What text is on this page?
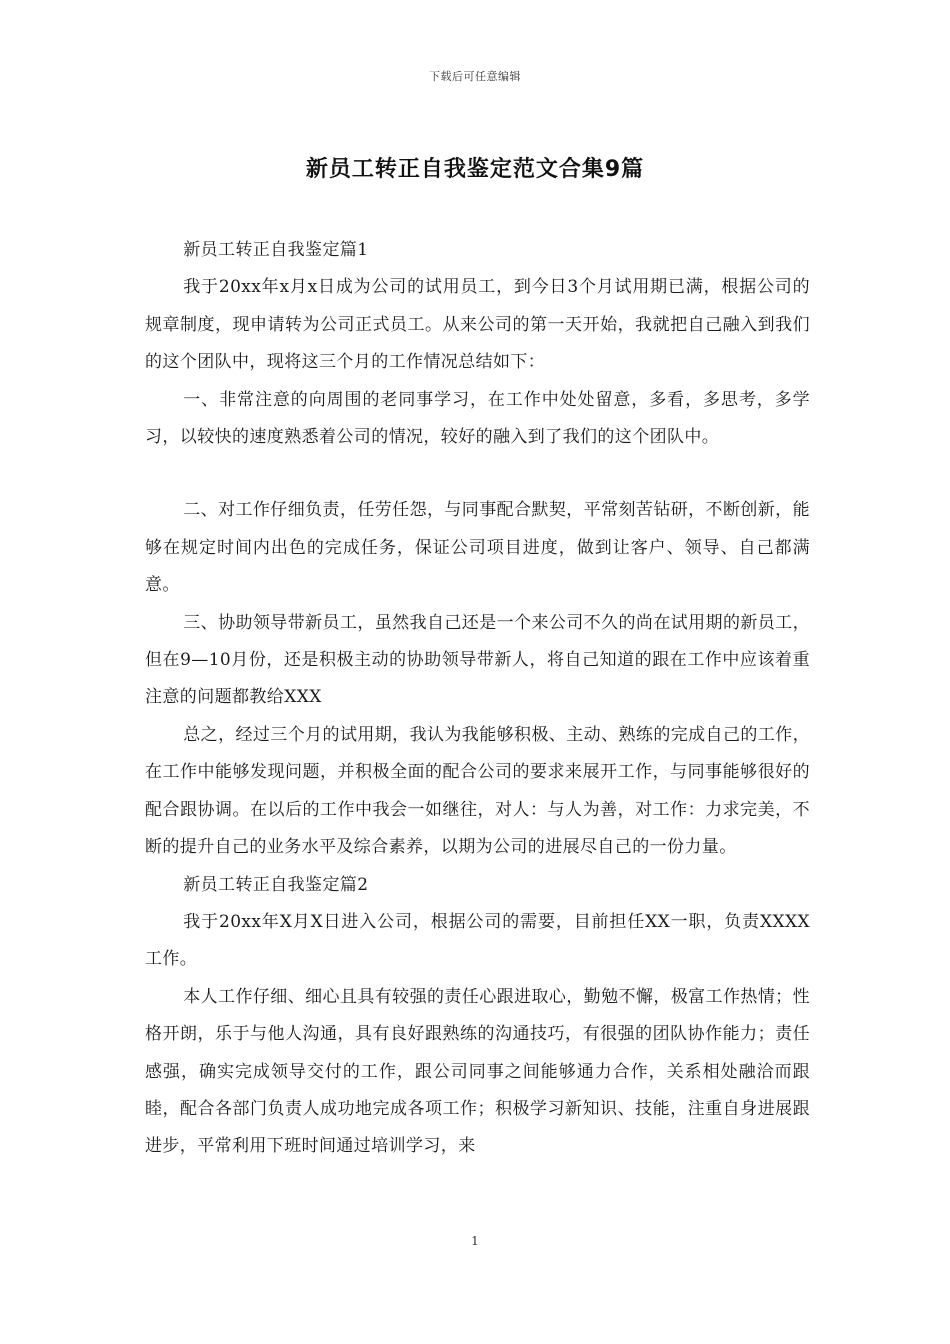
下载后可任意编辑
新员工转正自我鉴定范文合集9篇

新员工转正自我鉴定篇1

我于20xx年x月x日成为公司的试用员工，到今日3个月试用期已满，根据公司的规章制度，现申请转为公司正式员工。从来公司的第一天开始，我就把自己融入到我们的这个团队中，现将这三个月的工作情况总结如下：

一、非常注意的向周围的老同事学习，在工作中处处留意，多看，多思考，多学习，以较快的速度熟悉着公司的情况，较好的融入到了我们的这个团队中。

二、对工作仔细负责，任劳任怨，与同事配合默契，平常刻苦钻研，不断创新，能够在规定时间内出色的完成任务，保证公司项目进度，做到让客户、领导、自己都满意。

三、协助领导带新员工，虽然我自己还是一个来公司不久的尚在试用期的新员工，但在9—10月份，还是积极主动的协助领导带新人，将自己知道的跟在工作中应该着重注意的问题都教给XXX

总之，经过三个月的试用期，我认为我能够积极、主动、熟练的完成自己的工作，在工作中能够发现问题，并积极全面的配合公司的要求来展开工作，与同事能够很好的配合跟协调。在以后的工作中我会一如继往，对人：与人为善，对工作：力求完美，不断的提升自己的业务水平及综合素养，以期为公司的进展尽自己的一份力量。

新员工转正自我鉴定篇2

我于20xx年X月X日进入公司，根据公司的需要，目前担任XX一职，负责XXXX工作。

本人工作仔细、细心且具有较强的责任心跟进取心，勤勉不懈，极富工作热情；性格开朗，乐于与他人沟通，具有良好跟熟练的沟通技巧，有很强的团队协作能力；责任感强，确实完成领导交付的工作，跟公司同事之间能够通力合作，关系相处融洽而跟睦，配合各部门负责人成功地完成各项工作；积极学习新知识、技能，注重自身进展跟进步，平常利用下班时间通过培训学习，来

1
